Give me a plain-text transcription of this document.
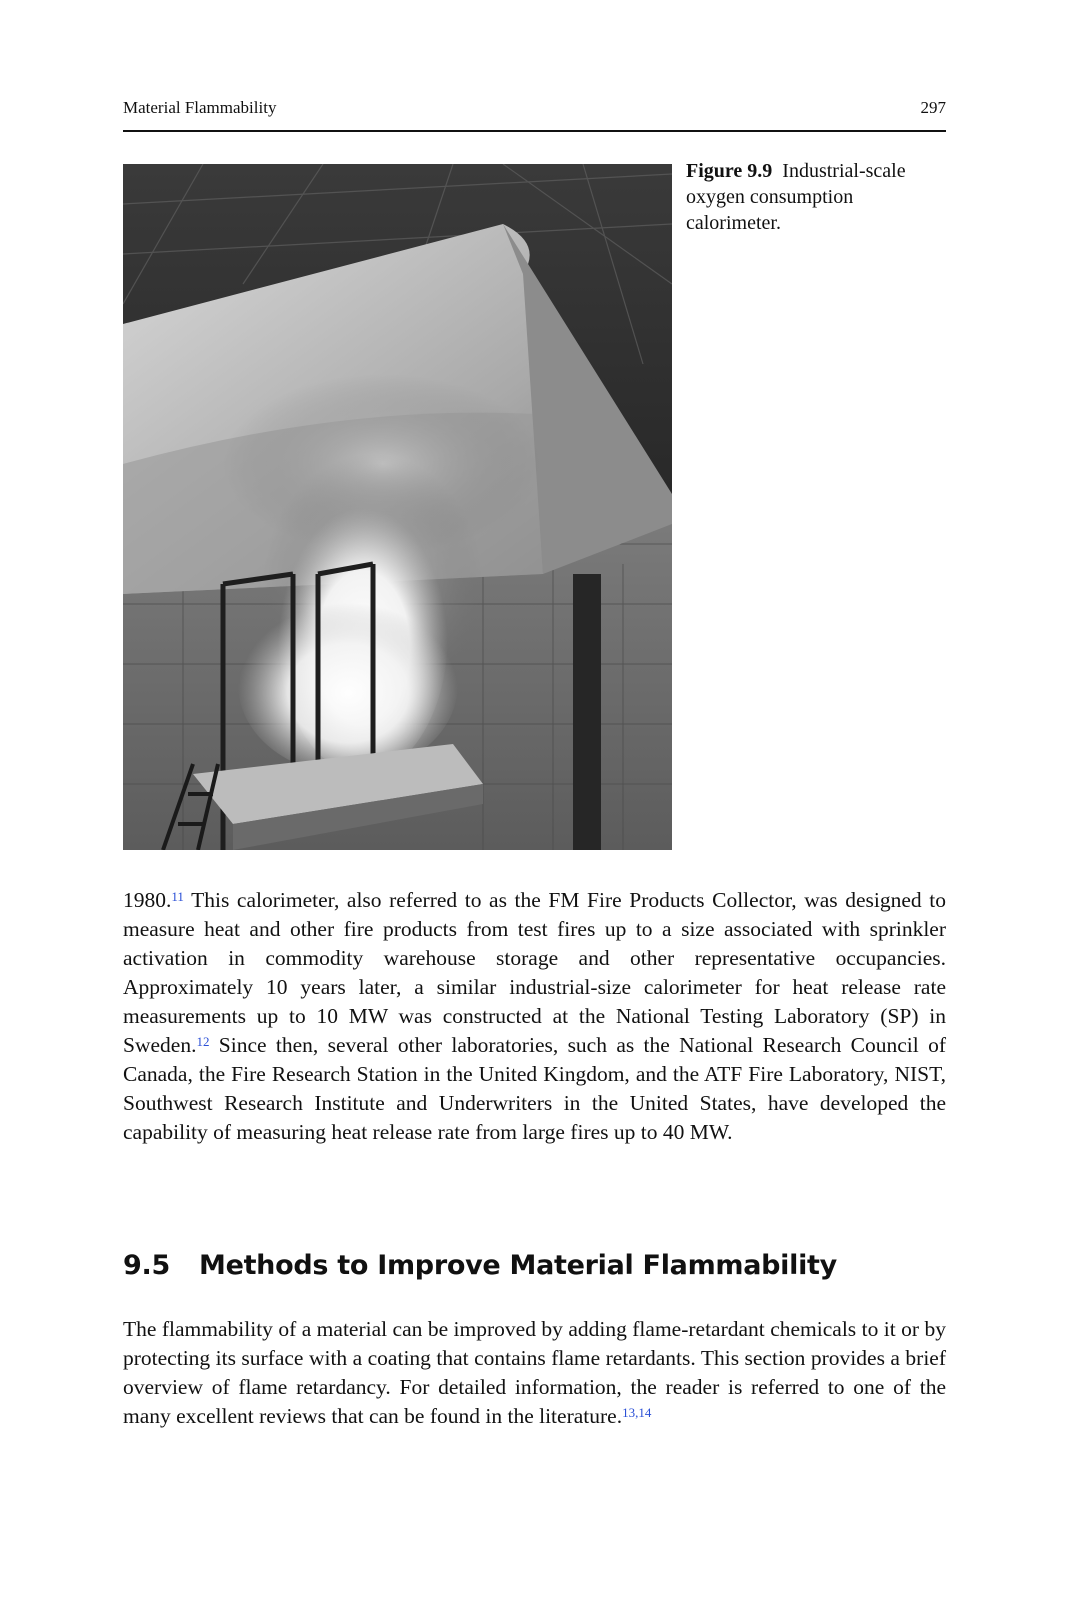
Material Flammability	297
Figure 9.9 Industrial-scale oxygen consumption calorimeter.

1980.11 This calorimeter, also referred to as the FM Fire Products Collector, was designed to measure heat and other fire products from test fires up to a size associated with sprinkler activation in commodity warehouse storage and other representative occupancies. Approximately 10 years later, a similar industrial-size calorimeter for heat release rate measurements up to 10 MW was constructed at the National Testing Laboratory (SP) in Sweden.$^{12}$ Since then, several other laboratories, such as the National Research Council of Canada, the Fire Research Station in the United Kingdom, and the ATF Fire Laboratory, NIST, Southwest Research Institute and Underwriters in the United States, have developed the capability of measuring heat release rate from large fires up to 40 MW.

9.5 Methods to Improve Material Flammability

The flammability of a material can be improved by adding flame-retardant chemicals to it or by protecting its surface with a coating that contains flame retardants. This section provides a brief overview of flame retardancy. For detailed information, the reader is referred to one of the many excellent reviews that can be found in the literature.$^{13,14}$
